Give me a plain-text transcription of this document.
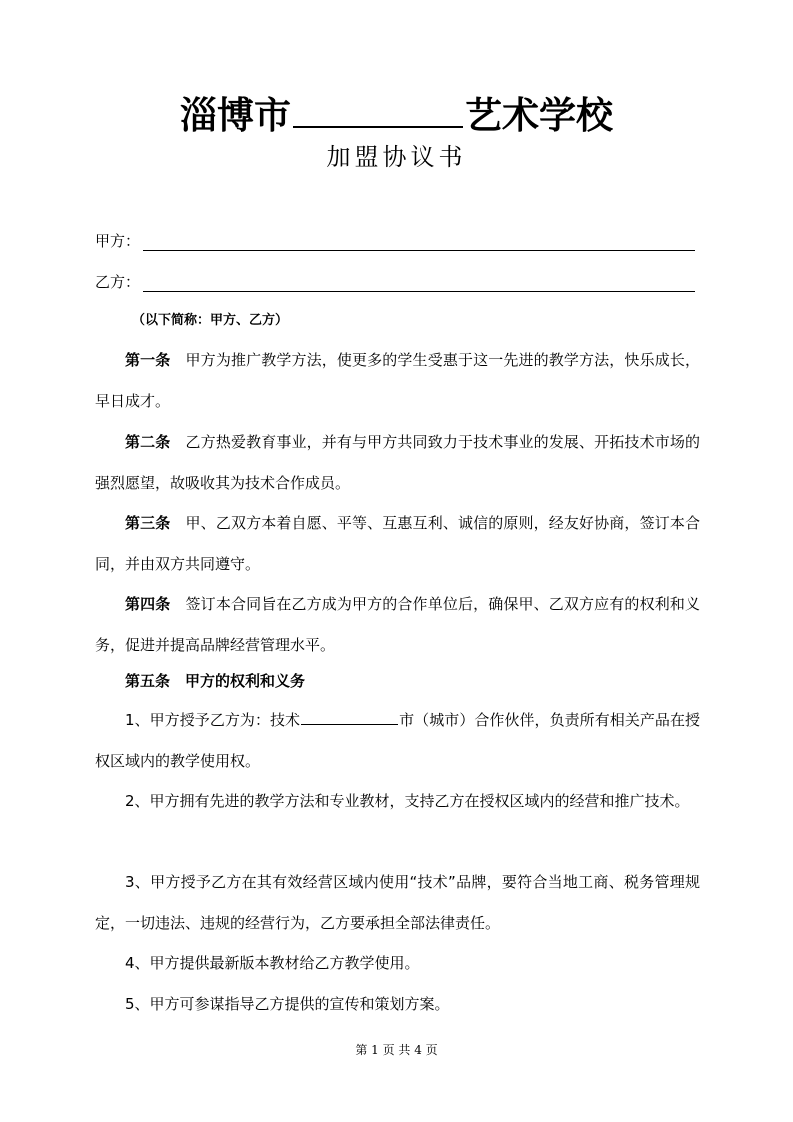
淄博市	艺术学校
加盟协议书
甲方：
乙方：
（以下简称：甲方、乙方）
第一条　 甲方为推广教学方法，使更多的学生受惠于这一先进的教学方法，快乐成长，早日成才。
第二条　 乙方热爱教育事业，并有与甲方共同致力于技术事业的发展、开拓技术市场的强烈愿望，故吸收其为技术合作成员。
第三条　 甲、乙双方本着自愿、平等、互惠互利、诚信的原则，经友好协商，签订本合同，并由双方共同遵守。
第四条　 签订本合同旨在乙方成为甲方的合作单位后，确保甲、乙双方应有的权利和义务，促进并提高品牌经营管理水平。
第五条　甲方的权利和义务
1、甲方授予乙方为：技术	市（城市）合作伙伴，负责所有相关产品在授权区域内的教学使用权。
2、甲方拥有先进的教学方法和专业教材，支持乙方在授权区域内的经营和推广技术。
3、甲方授予乙方在其有效经营区域内使用“技术”品牌，要符合当地工商、税务管理规定，一切违法、违规的经营行为，乙方要承担全部法律责任。
4、甲方提供最新版本教材给乙方教学使用。
5、甲方可参谋指导乙方提供的宣传和策划方案。
第 1 页 共 4 页
